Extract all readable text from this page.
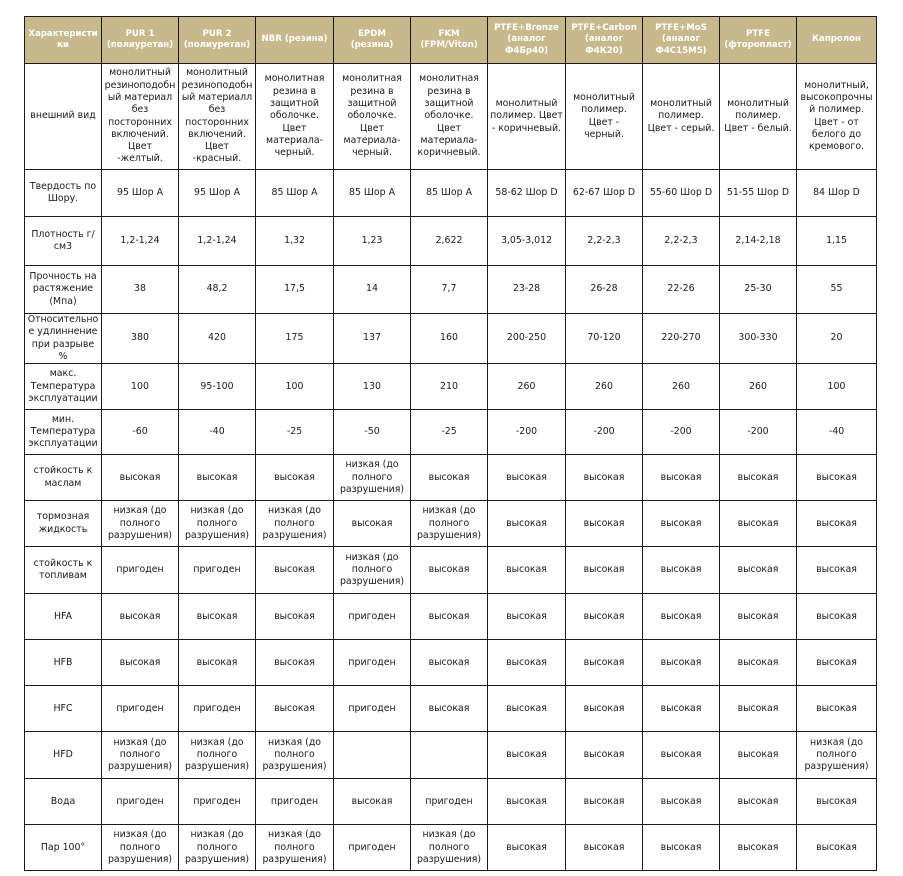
Характеристики	PUR 1 (полиуретан)	PUR 2 (полиуретан)	NBR (резина)	EPDM (резина)	FKM (FPM/Viton)	PTFE+Bronze (аналог Ф4Бр40)	PTFE+Carbon (аналог Ф4К20)	PTFE+MoS (аналог Ф4С15М5)	PTFE (фторопласт)	Капролон
внешний вид	монолитный резиноподобный материал без посторонних включений. Цвет -желтый.	монолитный резиноподобный материалл без посторонних включений. Цвет -красный.	монолитная резина в защитной оболочке. Цвет материала-черный.	монолитная резина в защитной оболочке. Цвет материала-черный.	монолитная резина в защитной оболочке. Цвет материала-коричневый.	монолитный полимер. Цвет - коричневый.	монолитный полимер. Цвет - черный.	монолитный полимер. Цвет - серый.	монолитный полимер. Цвет - белый.	монолитный, высокопрочный полимер. Цвет - от белого до кремового.
Твердость по Шору.	95 Шор А	95 Шор А	85 Шор А	85 Шор А	85 Шор А	58-62 Шор D	62-67 Шор D	55-60 Шор D	51-55 Шор D	84 Шор D
Плотность г/см3	1,2-1,24	1,2-1,24	1,32	1,23	2,622	3,05-3,012	2,2-2,3	2,2-2,3	2,14-2,18	1,15
Прочность на растяжение (Мпа)	38	48,2	17,5	14	7,7	23-28	26-28	22-26	25-30	55
Относительное удлиннение при разрыве %	380	420	175	137	160	200-250	70-120	220-270	300-330	20
макс. Температура эксплуатации	100	95-100	100	130	210	260	260	260	260	100
мин. Температура эксплуатации	-60	-40	-25	-50	-25	-200	-200	-200	-200	-40
стойкость к маслам	высокая	высокая	высокая	низкая (до полного разрушения)	высокая	высокая	высокая	высокая	высокая	высокая
тормозная жидкость	низкая (до полного разрушения)	низкая (до полного разрушения)	низкая (до полного разрушения)	высокая	низкая (до полного разрушения)	высокая	высокая	высокая	высокая	высокая
стойкость к топливам	пригоден	пригоден	высокая	низкая (до полного разрушения)	высокая	высокая	высокая	высокая	высокая	высокая
HFA	высокая	высокая	высокая	пригоден	высокая	высокая	высокая	высокая	высокая	высокая
HFB	высокая	высокая	высокая	пригоден	высокая	высокая	высокая	высокая	высокая	высокая
HFC	пригоден	пригоден	высокая	пригоден	высокая	высокая	высокая	высокая	высокая	высокая
HFD	низкая (до полного разрушения)	низкая (до полного разрушения)	низкая (до полного разрушения)			высокая	высокая	высокая	высокая	низкая (до полного разрушения)
Вода	пригоден	пригоден	пригоден	высокая	пригоден	высокая	высокая	высокая	высокая	высокая
Пар 100°	низкая (до полного разрушения)	низкая (до полного разрушения)	низкая (до полного разрушения)	пригоден	низкая (до полного разрушения)	высокая	высокая	высокая	высокая	высокая
